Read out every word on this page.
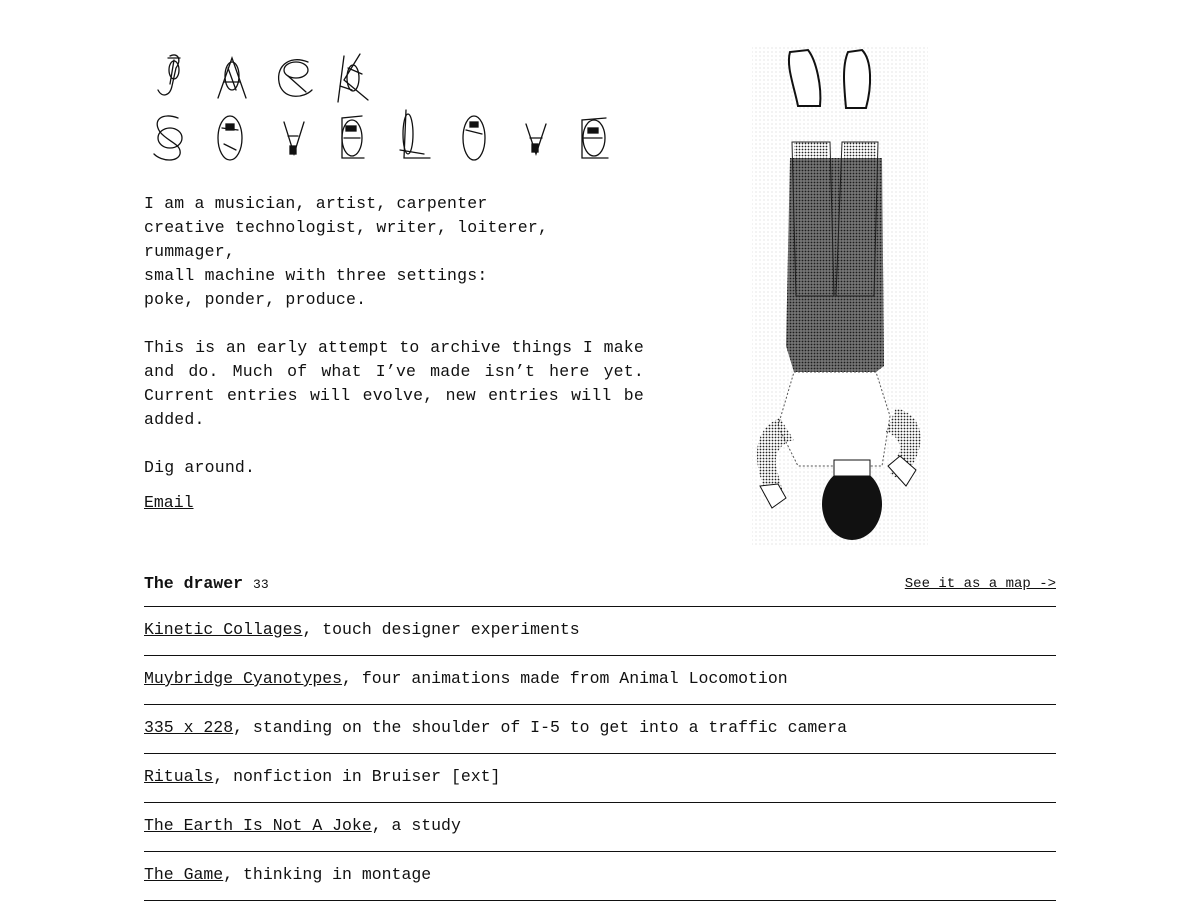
I am a musician, artist, carpenter
creative technologist, writer, loiterer, rummager,
small machine with three settings:
poke, ponder, produce.

This is an early attempt to archive things I make and do. Much of what I’ve made isn’t here yet. Current entries will evolve, new entries will be added.

Dig around.

Email
The drawer 33	See it as a map ->
Kinetic Collages, touch designer experiments
Muybridge Cyanotypes, four animations made from Animal Locomotion
335 x 228, standing on the shoulder of I-5 to get into a traffic camera
Rituals, nonfiction in Bruiser [ext]
The Earth Is Not A Joke, a study
The Game, thinking in montage
